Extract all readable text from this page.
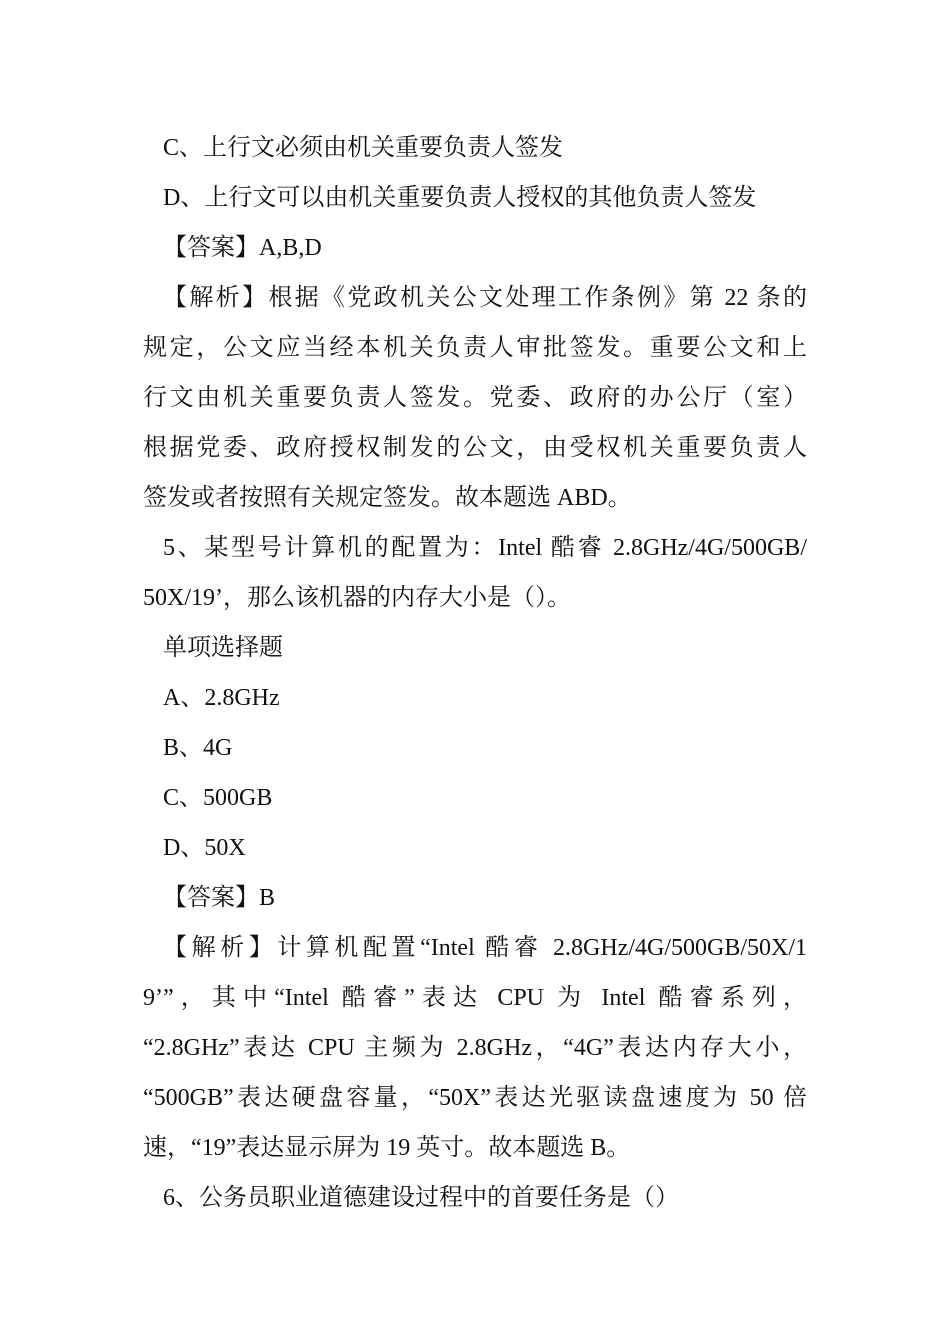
C、上行文必须由机关重要负责人签发
D、上行文可以由机关重要负责人授权的其他负责人签发
【答案】A,B,D
【解析】根据《党政机关公文处理工作条例》第 22 条的
规定，公文应当经本机关负责人审批签发。重要公文和上
行文由机关重要负责人签发。党委、政府的办公厅（室）
根据党委、政府授权制发的公文，由受权机关重要负责人
签发或者按照有关规定签发。故本题选 ABD。
5、某型号计算机的配置为：Intel 酷睿 2.8GHz/4G/500GB/
50X/19’，那么该机器的内存大小是（）。
单项选择题
A、2.8GHz
B、4G
C、500GB
D、50X
【答案】B
【解析】计算机配置“Intel 酷睿 2.8GHz/4G/500GB/50X/1
9’”，其中“Intel 酷睿”表达 CPU 为 Intel 酷睿系列，
“2.8GHz”表达 CPU 主频为 2.8GHz，“4G”表达内存大小，
“500GB”表达硬盘容量，“50X”表达光驱读盘速度为 50 倍
速，“19”表达显示屏为 19 英寸。故本题选 B。
6、公务员职业道德建设过程中的首要任务是（）
